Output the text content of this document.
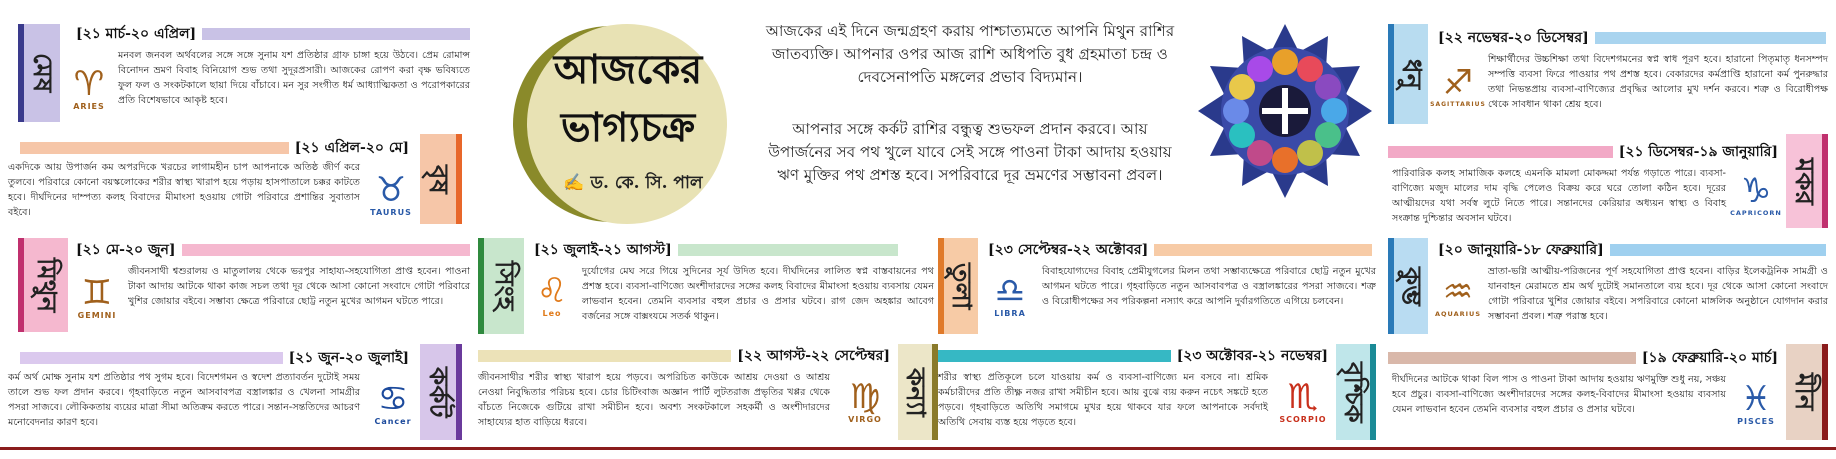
মেষ
[২১ মার্চ-২০ এপ্রিল]
♈
ARIES
মনবল জনবল অর্থবলের সঙ্গে সঙ্গে সুনাম যশ প্রতিষ্ঠার গ্রাফ চাঙ্গা হয়ে উঠবে। প্রেম রোমান্স বিনোদন ভ্রমণ বিবাহ বিনিয়োগ শুভ তথা সুদূরপ্রসারী। আজকের রোপণ করা বৃক্ষ ভবিষ্যতে ফুল ফল ও সংকটকালে ছায়া দিয়ে বাঁচাবে। মন সুর সংগীত ধর্ম আধ্যাত্মিকতা ও পরোপকারের প্রতি বিশেষভাবে আকৃষ্ট হবে।
[২১ এপ্রিল-২০ মে]
বৃষ
একদিকে আয় উপার্জন কম অপরদিকে খরচের লাগামহীন চাপ আপনাকে অতিষ্ঠ জীর্ণ করে তুলবে। পরিবারে কোনো বয়স্কলোকের শরীর স্বাস্থ্য খারাপ হয়ে পড়ায় হাসপাতালে চক্কর কাটতে হবে। দীর্ঘদিনের দাম্পত্য কলহ বিবাদের মীমাংসা হওয়ায় গোটা পরিবারে প্রশান্তির সুবাতাস বইবে।
♉
TAURUS
মিথুন
[২১ মে-২০ জুন]
♊
GEMINI
জীবনসাথী শ্বশুরালয় ও মাতুলালয় থেকে ভরপুর সাহায্য-সহযোগিতা প্রাপ্ত হবেন। পাওনা টাকা আদায় আটকে থাকা কাজ সচল তথা দূর থেকে আসা কোনো সংবাদে গোটা পরিবারে খুশির জোয়ার বইবে। সম্ভাব্য ক্ষেত্রে পরিবারে ছোট্ট নতুন মুখের আগমন ঘটতে পারে।
[২১ জুন-২০ জুলাই]
কর্কট
কর্ম অর্থ মোক্ষ সুনাম যশ প্রতিষ্ঠার পথ সুগম হবে। বিদেশগমন ও স্বদেশ প্রত্যাবর্তন দুটোই সময় তালে শুভ ফল প্রদান করবে। গৃহবাড়িতে নতুন আসবাবপত্র বস্ত্রালঙ্কার ও খেলনা সামগ্রীর পসরা সাজবে। লৌকিকতায় ব্যয়ের মাত্রা সীমা অতিক্রম করতে পারে। সন্তান-সন্ততিদের আচরণ মনোবেদনার কারণ হবে।
♋
Cancer
আজকের
ভাগ্যচক্র
✍ ড. কে. সি. পাল
আজকের এই দিনে জন্মগ্রহণ করায় পাশ্চাত্যমতে আপনি মিথুন রাশির জাতব্যক্তি। আপনার ওপর আজ রাশি অধিপতি বুধ গ্রহমাতা চন্দ্র ও দেবসেনাপতি মঙ্গলের প্রভাব বিদ্যমান।
আপনার সঙ্গে কর্কট রাশির বন্ধুত্ব শুভফল প্রদান করবে। আয় উপার্জনের সব পথ খুলে যাবে সেই সঙ্গে পাওনা টাকা আদায় হওয়ায় ঋণ মুক্তির পথ প্রশস্ত হবে। সপরিবারে দূর ভ্রমণের সম্ভাবনা প্রবল।
সিংহ
[২১ জুলাই-২১ আগস্ট]
♌
Leo
দুর্যোগের মেঘ সরে গিয়ে সুদিনের সূর্য উদিত হবে। দীর্ঘদিনের লালিত স্বপ্ন বাস্তবায়নের পথ প্রশস্ত হবে। ব্যবসা-বাণিজ্যে অংশীদারদের সঙ্গের কলহ বিবাদের মীমাংসা হওয়ায় ব্যবসায় যেমন লাভবান হবেন। তেমনি ব্যবসার বহুল প্রচার ও প্রসার ঘটবে। রাগ জেদ অহঙ্কার আবেগ বর্জনের সঙ্গে বাক্সংযমে সতর্ক থাকুন।
[২২ আগস্ট-২২ সেপ্টেম্বর]
কন্যা
জীবনসাথীর শরীর স্বাস্থ্য খারাপ হয়ে পড়বে। অপরিচিত কাউকে আশ্রয় দেওয়া ও আশ্রয় নেওয়া নিবুদ্ধিতার পরিচয় হবে। চোর চিটিংবাজ অজ্ঞান পার্টি লুটতরাজ প্রভৃতির খপ্পর থেকে বাঁচতে নিজেকে গুটিয়ে রাখা সমীচীন হবে। অবশ্য সংকটকালে সহকর্মী ও অংশীদারদের সাহায্যের হাত বাড়িয়ে ধরবে।
♍
VIRGO
তুলা
[২৩ সেপ্টেম্বর-২২ অক্টোবর]
♎
LIBRA
বিবাহযোগ্যদের বিবাহ প্রেমীযুগলের মিলন তথা সম্ভাব্যক্ষেত্রে পরিবারে ছোট্ট নতুন মুখের আগমন ঘটতে পারে। গৃহবাড়িতে নতুন আসবাবপত্র ও বস্ত্রালঙ্কারের পসরা সাজবে। শত্রু ও বিরোধীপক্ষের সব পরিকল্পনা নস্যাৎ করে আপনি দুর্বারগতিতে এগিয়ে চলবেন।
[২৩ অক্টোবর-২১ নভেম্বর]
বৃশ্চিক
শরীর স্বাস্থ্য প্রতিকূলে চলে যাওয়ায় কর্ম ও ব্যবসা-বাণিজ্যে মন বসবে না। শ্রমিক কর্মচারীদের প্রতি তীক্ষ্ণ নজর রাখা সমীচীন হবে। আয় বুঝে ব্যয় করুন নচেৎ সঙ্কটে হতে পড়বে। গৃহবাড়িতে অতিথি সমাগমে মুখর হয়ে থাকবে যার ফলে আপনাকে সর্বদাই অতিথি সেবায় ব্যস্ত হয়ে পড়তে হবে।
♏
SCORPIO
ধনু
[২২ নভেম্বর-২০ ডিসেম্বর]
♐
SAGITTARIUS
শিক্ষার্থীদের উচ্চশিক্ষা তথা বিদেশগমনের স্বপ্ন স্বাধ পূরণ হবে। হারানো পিতৃমাতৃ ধনসম্পদ সম্পত্তি ব্যবসা ফিরে পাওয়ার পথ প্রশস্ত হবে। বেকারদের কর্মপ্রাপ্তি হারানো কর্ম পুনরুদ্ধার তথা নিভন্তপ্রায় ব্যবসা-বাণিজ্যের প্রবৃদ্ধির আলোর মুখ দর্শন করবে। শত্রু ও বিরোধীপক্ষ থেকে সাবধান থাকা শ্রেয় হবে।
[২১ ডিসেম্বর-১৯ জানুয়ারি]
মকর
পারিবারিক কলহ সামাজিক কলহে এমনকি মামলা মোকদ্দমা পর্যন্ত গড়াতে পারে। ব্যবসা-বাণিজ্যে মজুদ মালের দাম বৃদ্ধি পেলেও বিক্রয় করে ঘরে তোলা কঠিন হবে। দূরের আত্মীয়দের যথা সর্বস্ব লুটে নিতে পারে। সন্তানদের কেরিয়ার অধ্যয়ন স্বাস্থ্য ও বিবাহ সংক্রান্ত দুশ্চিন্তার অবসান ঘটবে।
♑
CAPRICORN
কুম্ভ
[২০ জানুয়ারি-১৮ ফেব্রুয়ারি]
♒
AQUARIUS
ভ্রাতা-ভগ্নি আত্মীয়-পরিজনের পূর্ণ সহযোগিতা প্রাপ্ত হবেন। বাড়ির ইলেকট্রনিক সামগ্রী ও যানবাহন মেরামতে শ্রম অর্থ দুটোই সমানতালে ব্যয় হবে। দূর থেকে আসা কোনো সংবাদে গোটা পরিবারে খুশির জোয়ার বইবে। সপরিবারে কোনো মাঙ্গলিক অনুষ্ঠানে যোগদান করার সম্ভাবনা প্রবল। শত্রু পরাস্ত হবে।
[১৯ ফেব্রুয়ারি-২০ মার্চ]
মীন
দীর্ঘদিনের আটকে থাকা বিল পাস ও পাওনা টাকা আদায় হওয়ায় ঋণমুক্তি শুধু নয়, সঞ্চয় হবে প্রচুর। ব্যবসা-বাণিজ্যে অংশীদারদের সঙ্গের কলহ-বিবাদের মীমাংসা হওয়ায় ব্যবসায় যেমন লাভবান হবেন তেমনি ব্যবসার বহুল প্রচার ও প্রসার ঘটবে।	♓
PISCES
